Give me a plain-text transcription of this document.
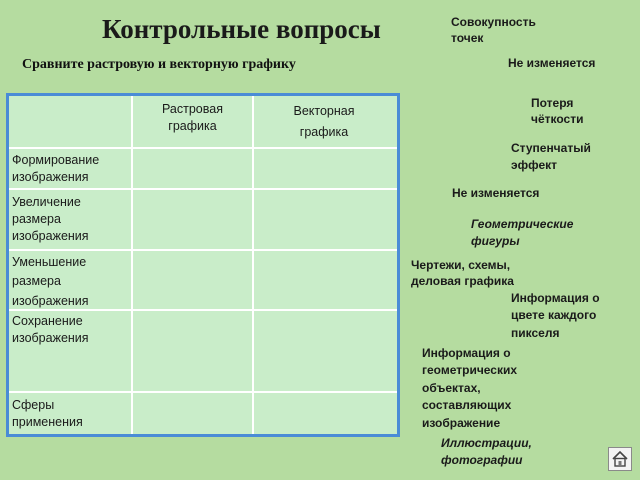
Контрольные вопросы
Сравните растровую и векторную графику
Растровая
графика
Векторная
графика
Формирование изображения
Увеличение размера изображения
Уменьшение размера изображения
Сохранение изображения
Сферы применения
Совокупность точек
Не изменяется
Потеря чёткости
Ступенчатый эффект
Не изменяется
Геометрические фигуры
Чертежи, схемы, деловая графика
Информация о цвете каждого пикселя
Информация о геометрических объектах, составляющих изображение
Иллюстрации, фотографии
